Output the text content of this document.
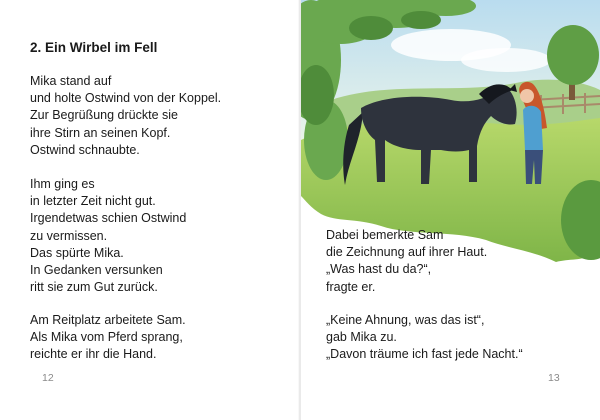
2. Ein Wirbel im Fell

Mika stand auf
und holte Ostwind von der Koppel.
Zur Begrüßung drückte sie
ihre Stirn an seinen Kopf.
Ostwind schnaubte.

Ihm ging es
in letzter Zeit nicht gut.
Irgendetwas schien Ostwind
zu vermissen.
Das spürte Mika.
In Gedanken versunken
ritt sie zum Gut zurück.

Am Reitplatz arbeitete Sam.
Als Mika vom Pferd sprang,
reichte er ihr die Hand.

12

Dabei bemerkte Sam
die Zeichnung auf ihrer Haut.
„Was hast du da?“,
fragte er.

„Keine Ahnung, was das ist“,
gab Mika zu.
„Davon träume ich fast jede Nacht.“

13
